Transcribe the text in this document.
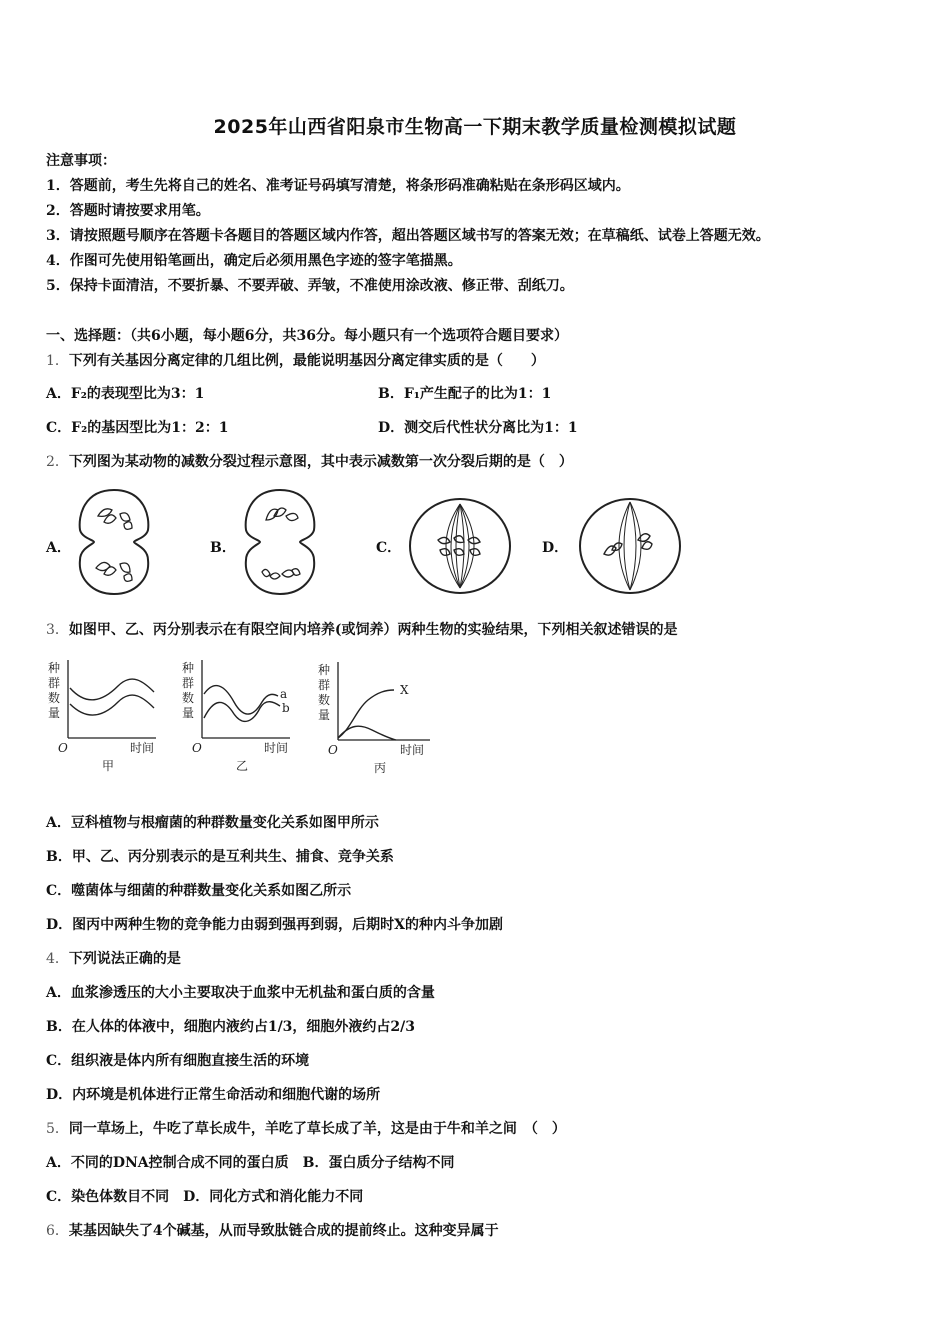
2025年山西省阳泉市生物高一下期末教学质量检测模拟试题
注意事项：
1．答题前，考生先将自己的姓名、准考证号码填写清楚，将条形码准确粘贴在条形码区域内。
2．答题时请按要求用笔。
3．请按照题号顺序在答题卡各题目的答题区域内作答，超出答题区域书写的答案无效；在草稿纸、试卷上答题无效。
4．作图可先使用铅笔画出，确定后必须用黑色字迹的签字笔描黑。
5．保持卡面清洁，不要折暴、不要弄破、弄皱，不准使用涂改液、修正带、刮纸刀。
一、选择题：（共6小题，每小题6分，共36分。每小题只有一个选项符合题目要求）
1．下列有关基因分离定律的几组比例，最能说明基因分离定律实质的是（　　）
A．F₂的表现型比为3：1	B．F₁产生配子的比为1：1
C．F₂的基因型比为1：2：1	D．测交后代性状分离比为1：1
2．下列图为某动物的减数分裂过程示意图，其中表示减数第一次分裂后期的是（　）
A．	B．	C．	D．
3．如图甲、乙、丙分别表示在有限空间内培养(或饲养）两种生物的实验结果，下列相关叙述错误的是
种
群
数
量
O	时间
甲
种
群
数
量
a
b
O	时间
乙
种
群
数
量
X
O	时间
丙
A．豆科植物与根瘤菌的种群数量变化关系如图甲所示
B．甲、乙、丙分别表示的是互利共生、捕食、竞争关系
C．噬菌体与细菌的种群数量变化关系如图乙所示
D．图丙中两种生物的竞争能力由弱到强再到弱，后期时X的种内斗争加剧
4．下列说法正确的是
A．血浆渗透压的大小主要取决于血浆中无机盐和蛋白质的含量
B．在人体的体液中，细胞内液约占1/3，细胞外液约占2/3
C．组织液是体内所有细胞直接生活的环境
D．内环境是机体进行正常生命活动和细胞代谢的场所
5．同一草场上，牛吃了草长成牛，羊吃了草长成了羊，这是由于牛和羊之间　（　）
A．不同的DNA控制合成不同的蛋白质　B．蛋白质分子结构不同
C．染色体数目不同　D．同化方式和消化能力不同
6．某基因缺失了4个碱基，从而导致肽链合成的提前终止。这种变异属于
